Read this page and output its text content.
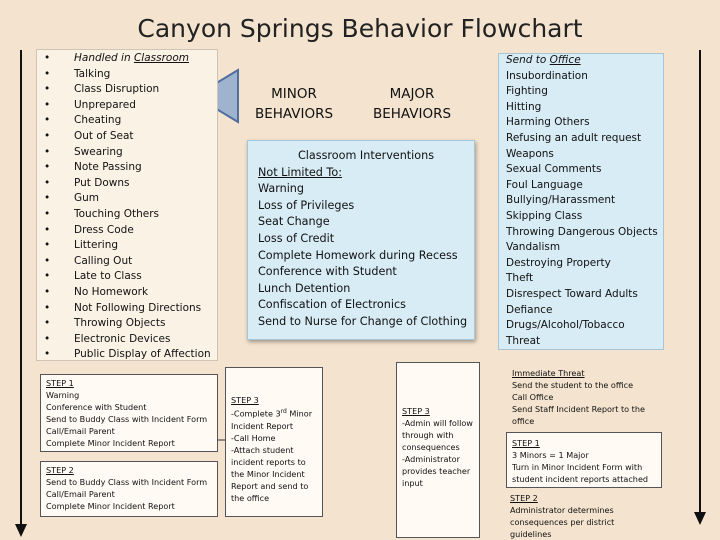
Canyon Springs Behavior Flowchart
Handled in Classroom
• Talking
• Class Disruption
• Unprepared
• Cheating
• Out of Seat
• Swearing
• Note Passing
• Put Downs
• Gum
• Touching Others
• Dress Code
• Littering
• Calling Out
• Late to Class
• No Homework
• Not Following Directions
• Throwing Objects
• Electronic Devices
• Public Display of Affection
•
MINOR
BEHAVIORS
MAJOR
BEHAVIORS
Classroom Interventions
Not Limited To:
Warning
Loss of Privileges
Seat Change
Loss of Credit
Complete Homework during Recess
Conference with Student
Lunch Detention
Confiscation of Electronics
Send to Nurse for Change of Clothing
Send to Office
Insubordination
Fighting
Hitting
Harming Others
Refusing an adult request
Weapons
Sexual Comments
Foul Language
Bullying/Harassment
Skipping Class
Throwing Dangerous Objects
Vandalism
Destroying Property
Theft
Disrespect Toward Adults
Defiance
Drugs/Alcohol/Tobacco
Threat
STEP 1
Warning
Conference with Student
Send to Buddy Class with Incident Form
Call/Email Parent
Complete Minor Incident Report
STEP 2
Send to Buddy Class with Incident Form
Call/Email Parent
Complete Minor Incident Report
STEP 3
-Complete 3rd Minor
Incident Report
-Call Home
-Attach student
incident reports to
the Minor Incident
Report and send to
the office
STEP 3
-Admin will follow
through with
consequences
-Administrator
provides teacher
input
Immediate Threat
Send the student to the office
Call Office
Send Staff Incident Report to the
office
STEP 1
3 Minors = 1 Major
Turn in Minor Incident Form with
student incident reports attached
STEP 2
Administrator determines
consequences per district
guidelines
